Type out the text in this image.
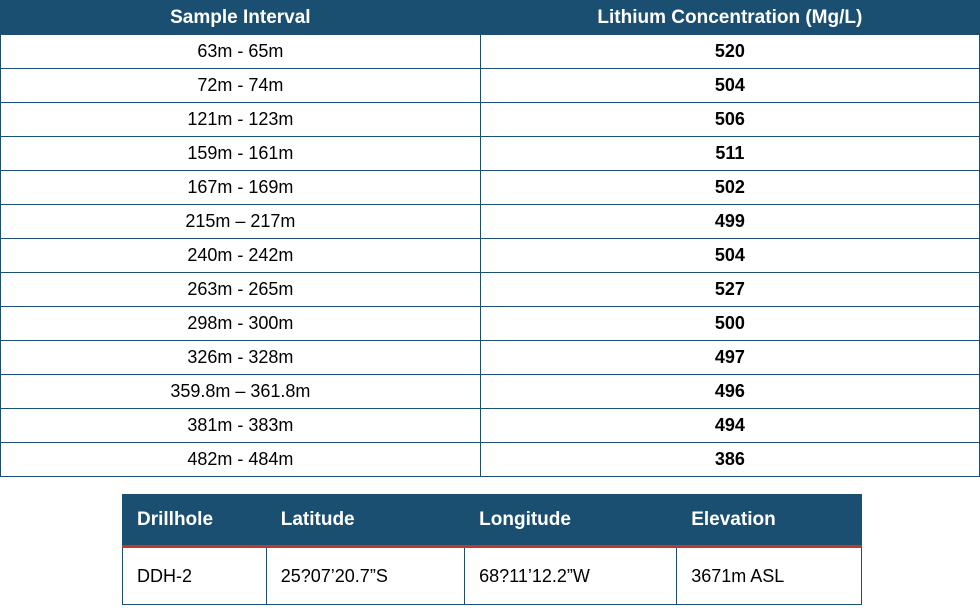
Sample Interval	Lithium Concentration (Mg/L)
63m - 65m	520
72m - 74m	504
121m - 123m	506
159m - 161m	511
167m - 169m	502
215m – 217m	499
240m - 242m	504
263m - 265m	527
298m - 300m	500
326m - 328m	497
359.8m – 361.8m	496
381m - 383m	494
482m - 484m	386
Drillhole	Latitude	Longitude	Elevation
DDH-2	25?07’20.7”S	68?11’12.2”W	3671m ASL
